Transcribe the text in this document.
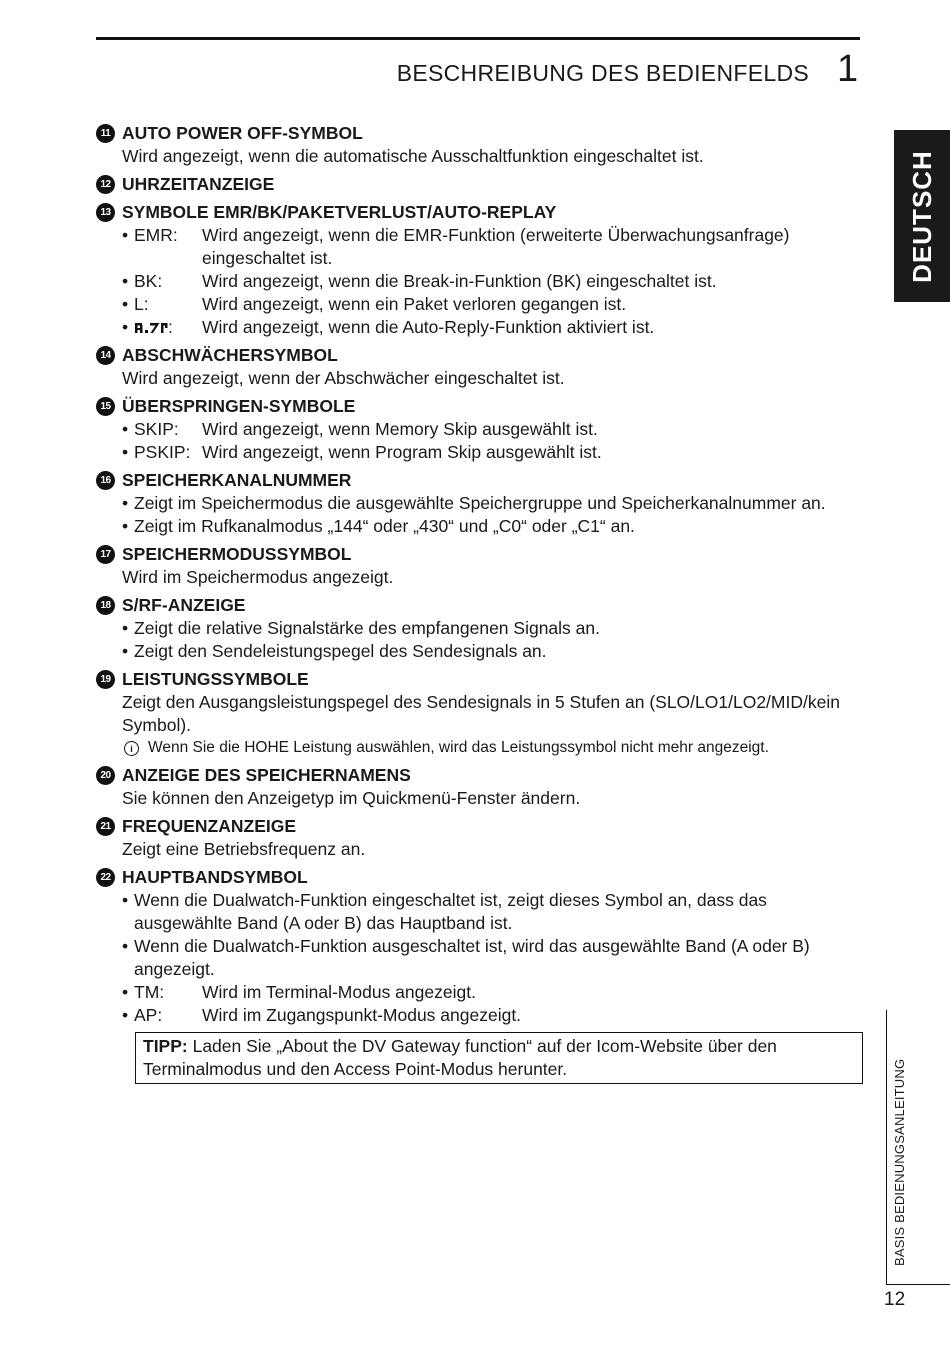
BESCHREIBUNG DES BEDIENFELDS 1
DEUTSCH
BASIS BEDIENUNGSANLEITUNG
12
11 AUTO POWER OFF-SYMBOL
Wird angezeigt, wenn die automatische Ausschaltfunktion eingeschaltet ist.
12 UHRZEITANZEIGE
13 SYMBOLE EMR/BK/PAKETVERLUST/AUTO-REPLAY
• EMR:	Wird angezeigt, wenn die EMR-Funktion (erweiterte Überwachungsanfrage) eingeschaltet ist.
• BK:	Wird angezeigt, wenn die Break-in-Funktion (BK) eingeschaltet ist.
• L:	Wird angezeigt, wenn ein Paket verloren gegangen ist.
•	:	Wird angezeigt, wenn die Auto-Reply-Funktion aktiviert ist.
14 ABSCHWÄCHERSYMBOL
Wird angezeigt, wenn der Abschwächer eingeschaltet ist.
15 ÜBERSPRINGEN-SYMBOLE
• SKIP:	Wird angezeigt, wenn Memory Skip ausgewählt ist.
• PSKIP: Wird angezeigt, wenn Program Skip ausgewählt ist.
16 SPEICHERKANALNUMMER
• Zeigt im Speichermodus die ausgewählte Speichergruppe und Speicherkanalnummer an.
• Zeigt im Rufkanalmodus „144“ oder „430“ und „C0“ oder „C1“ an.
17 SPEICHERMODUSSYMBOL
Wird im Speichermodus angezeigt.
18 S/RF-ANZEIGE
• Zeigt die relative Signalstärke des empfangenen Signals an.
• Zeigt den Sendeleistungspegel des Sendesignals an.
19 LEISTUNGSSYMBOLE
Zeigt den Ausgangsleistungspegel des Sendesignals in 5 Stufen an (SLO/LO1/LO2/MID/kein Symbol).
i Wenn Sie die HOHE Leistung auswählen, wird das Leistungssymbol nicht mehr angezeigt.
20 ANZEIGE DES SPEICHERNAMENS
Sie können den Anzeigetyp im Quickmenü-Fenster ändern.
21 FREQUENZANZEIGE
Zeigt eine Betriebsfrequenz an.
22 HAUPTBANDSYMBOL
• Wenn die Dualwatch-Funktion eingeschaltet ist, zeigt dieses Symbol an, dass das ausgewählte Band (A oder B) das Hauptband ist.
• Wenn die Dualwatch-Funktion ausgeschaltet ist, wird das ausgewählte Band (A oder B) angezeigt.
• TM:	Wird im Terminal-Modus angezeigt.
• AP:	Wird im Zugangspunkt-Modus angezeigt.
TIPP: Laden Sie „About the DV Gateway function“ auf der Icom-Website über den Terminalmodus und den Access Point-Modus herunter.
